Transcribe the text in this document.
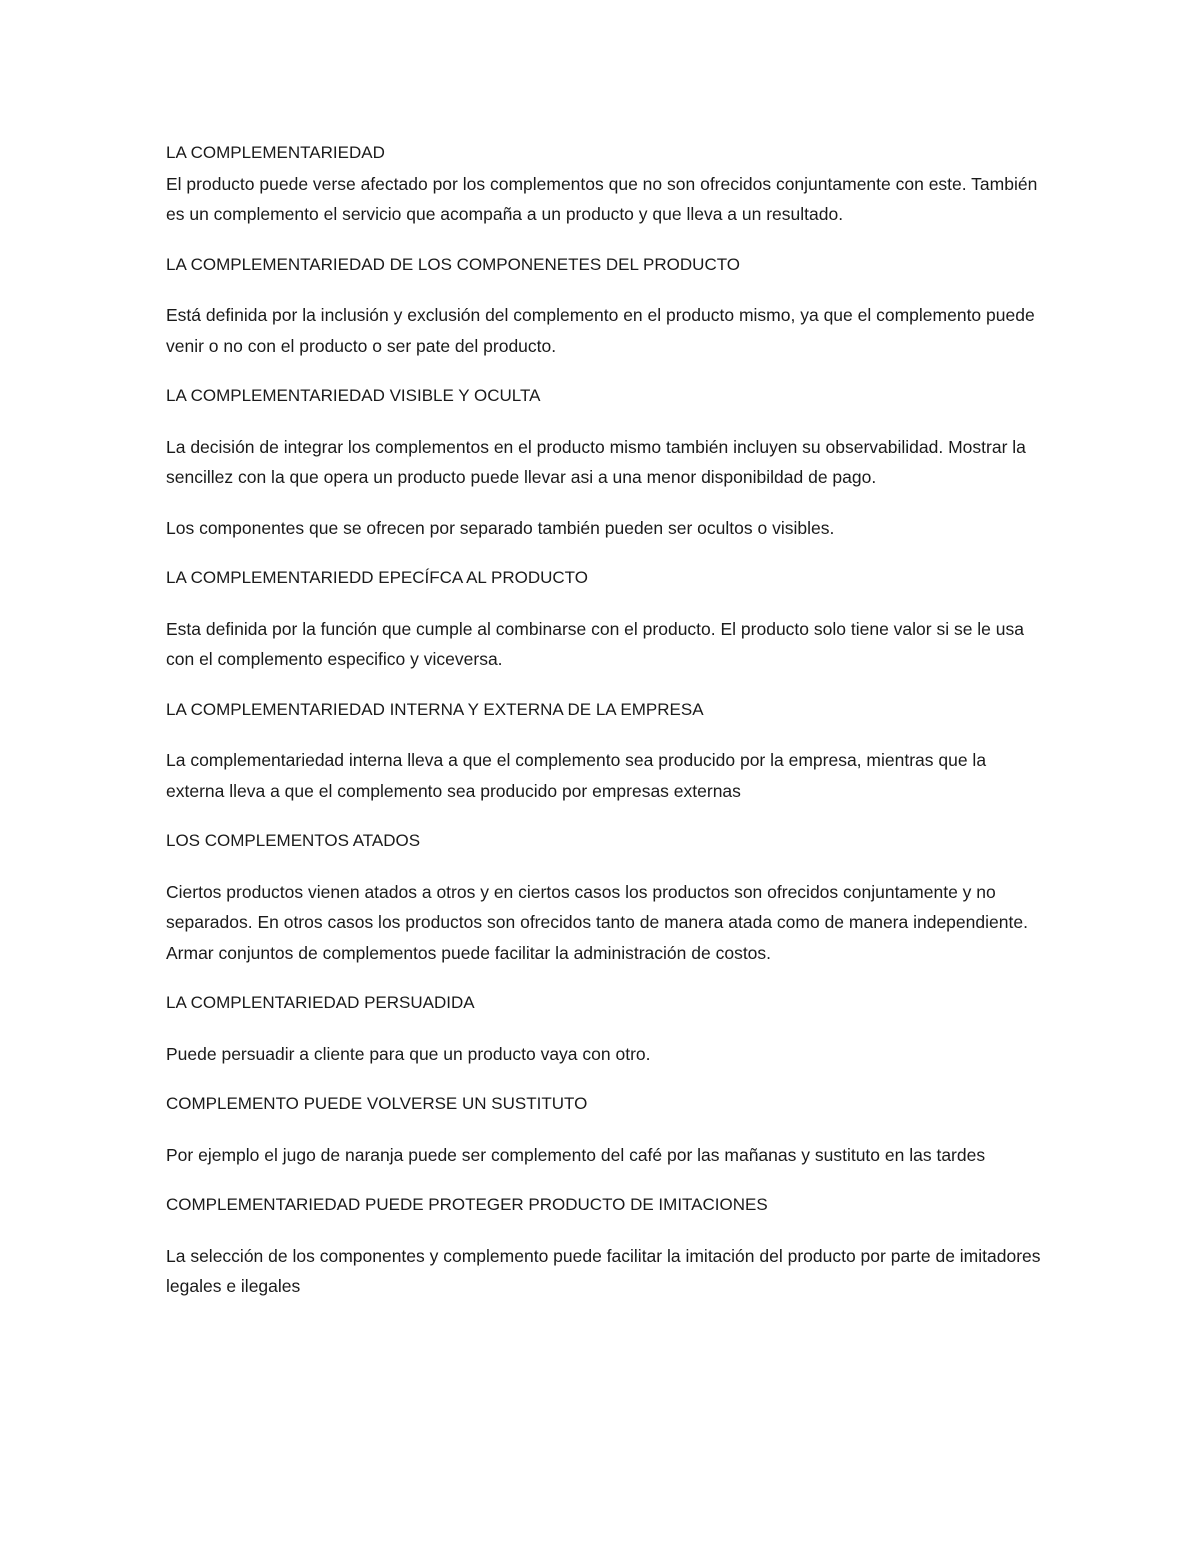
LA COMPLEMENTARIEDAD

El producto puede verse afectado por los complementos que no son ofrecidos conjuntamente con este. También es un complemento el servicio que acompaña a un producto y que lleva a un resultado.

LA COMPLEMENTARIEDAD DE LOS COMPONENETES DEL PRODUCTO

Está definida por la inclusión y exclusión del complemento en el producto mismo, ya que el complemento puede venir o no con el producto o ser pate del producto.

LA COMPLEMENTARIEDAD VISIBLE Y OCULTA

La decisión de integrar los complementos en el producto mismo también incluyen su observabilidad. Mostrar la sencillez con la que opera un producto puede llevar asi a una menor disponibildad de pago.

Los componentes que se ofrecen por separado también pueden ser ocultos o visibles.

LA COMPLEMENTARIEDD EPECÍFCA AL PRODUCTO

Esta definida por la función que cumple al combinarse con el producto. El producto solo tiene valor si se le usa con el complemento especifico y viceversa.

LA COMPLEMENTARIEDAD INTERNA Y EXTERNA DE LA EMPRESA

La complementariedad interna lleva a que el complemento sea producido por la empresa, mientras que la externa lleva a que el complemento sea producido por empresas externas

LOS COMPLEMENTOS ATADOS

Ciertos productos vienen atados a otros y en ciertos casos los productos son ofrecidos conjuntamente y no separados. En otros casos los productos son ofrecidos tanto de manera atada como de manera independiente. Armar conjuntos de complementos puede facilitar la administración de costos.

LA COMPLENTARIEDAD PERSUADIDA

Puede persuadir a cliente para que un producto vaya con otro.

COMPLEMENTO PUEDE VOLVERSE UN SUSTITUTO

Por ejemplo el jugo de naranja puede ser complemento del café por las mañanas y sustituto en las tardes

COMPLEMENTARIEDAD PUEDE PROTEGER PRODUCTO DE IMITACIONES

La selección de los componentes y complemento puede facilitar la imitación del producto por parte de imitadores legales e ilegales
